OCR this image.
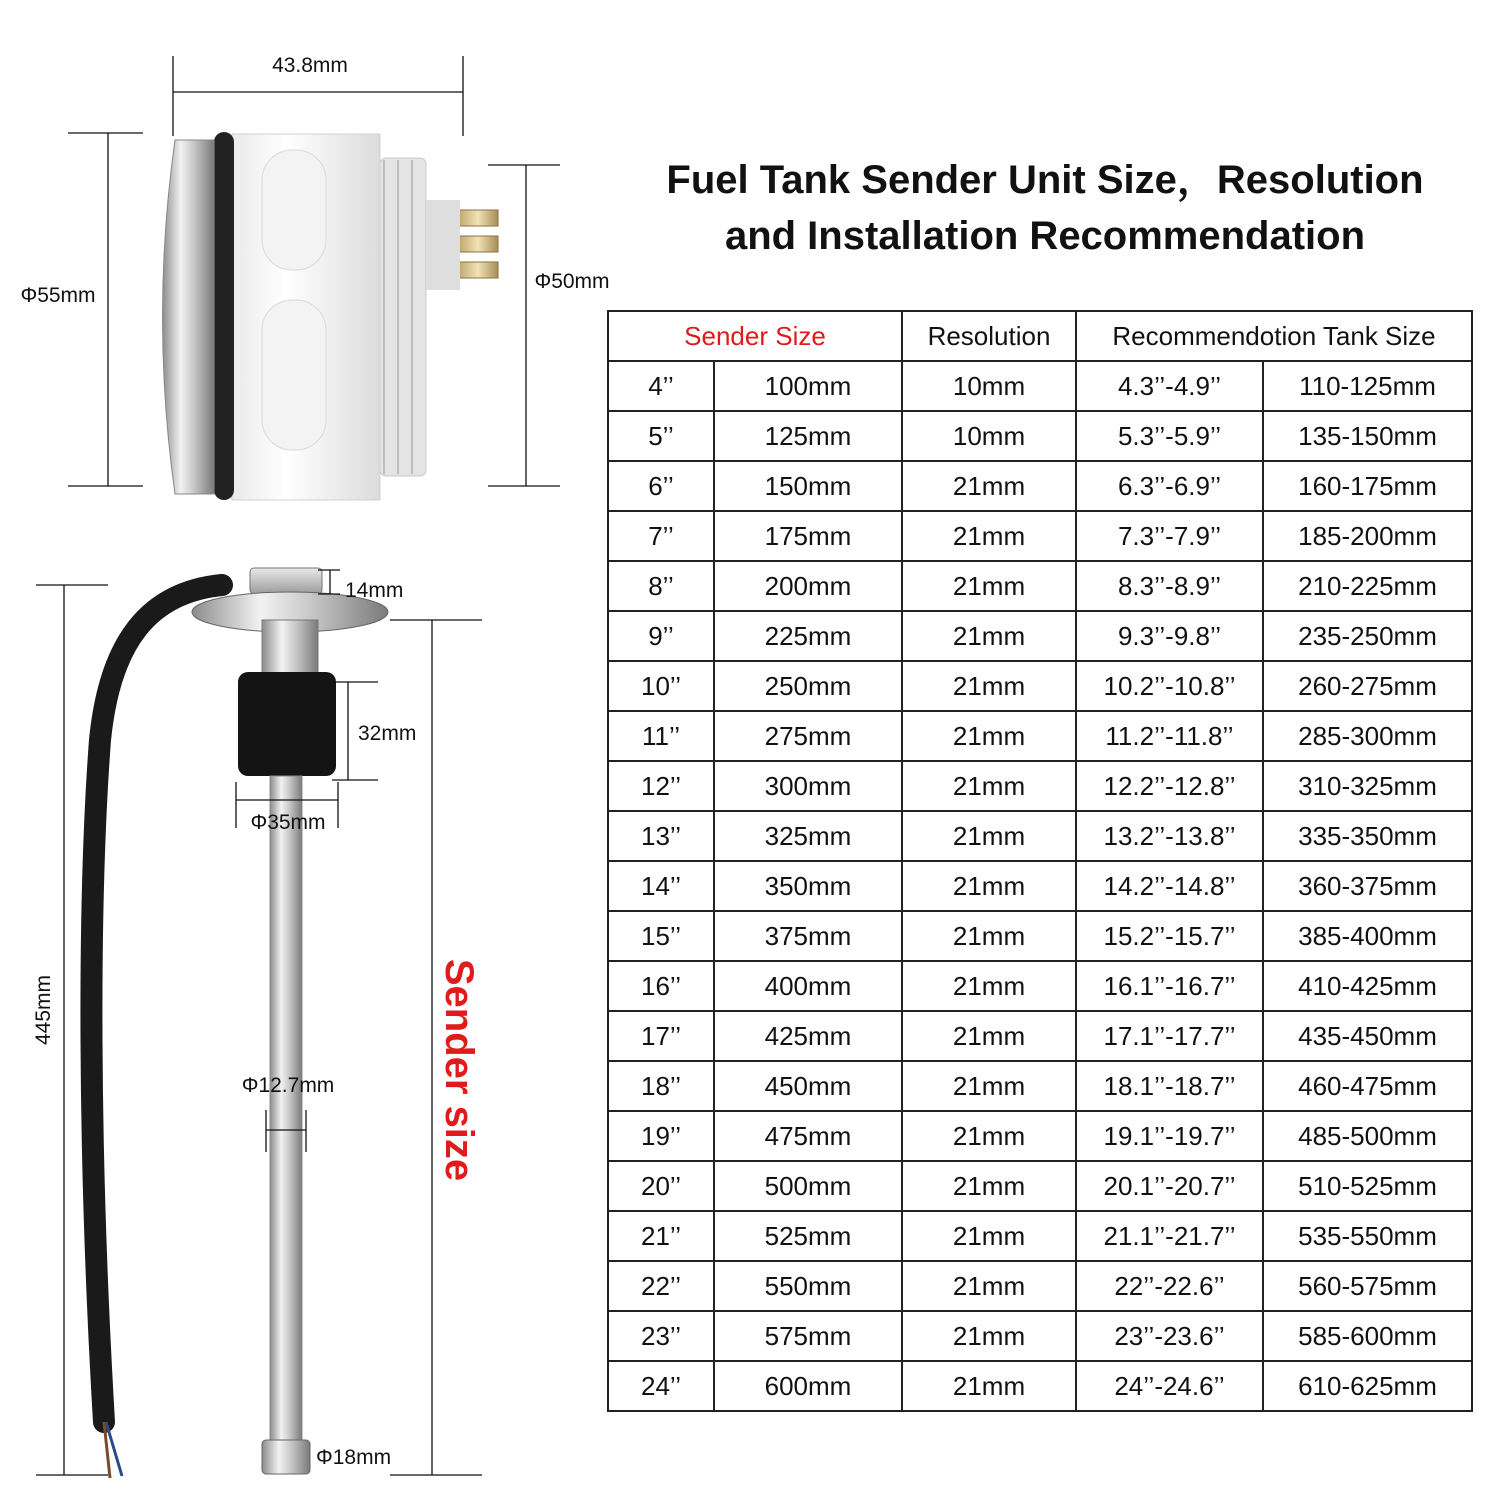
43.8mm
Φ55mm
Φ50mm
14mm
445mm	Sender size
32mm
Φ35mm
Φ12.7mm
Φ18mm
Fuel Tank Sender Unit Size，Resolution
and Installation Recommendation
Sender Size		Resolution	Recommendotion Tank Size	
4’’	100mm	10mm	4.3’’-4.9’’	110-125mm
5’’	125mm	10mm	5.3’’-5.9’’	135-150mm
6’’	150mm	21mm	6.3’’-6.9’’	160-175mm
7’’	175mm	21mm	7.3’’-7.9’’	185-200mm
8’’	200mm	21mm	8.3’’-8.9’’	210-225mm
9’’	225mm	21mm	9.3’’-9.8’’	235-250mm
10’’	250mm	21mm	10.2’’-10.8’’	260-275mm
11’’	275mm	21mm	11.2’’-11.8’’	285-300mm
12’’	300mm	21mm	12.2’’-12.8’’	310-325mm
13’’	325mm	21mm	13.2’’-13.8’’	335-350mm
14’’	350mm	21mm	14.2’’-14.8’’	360-375mm
15’’	375mm	21mm	15.2’’-15.7’’	385-400mm
16’’	400mm	21mm	16.1’’-16.7’’	410-425mm
17’’	425mm	21mm	17.1’’-17.7’’	435-450mm
18’’	450mm	21mm	18.1’’-18.7’’	460-475mm
19’’	475mm	21mm	19.1’’-19.7’’	485-500mm
20’’	500mm	21mm	20.1’’-20.7’’	510-525mm
21’’	525mm	21mm	21.1’’-21.7’’	535-550mm
22’’	550mm	21mm	22’’-22.6’’	560-575mm
23’’	575mm	21mm	23’’-23.6’’	585-600mm
24’’	600mm	21mm	24’’-24.6’’	610-625mm
